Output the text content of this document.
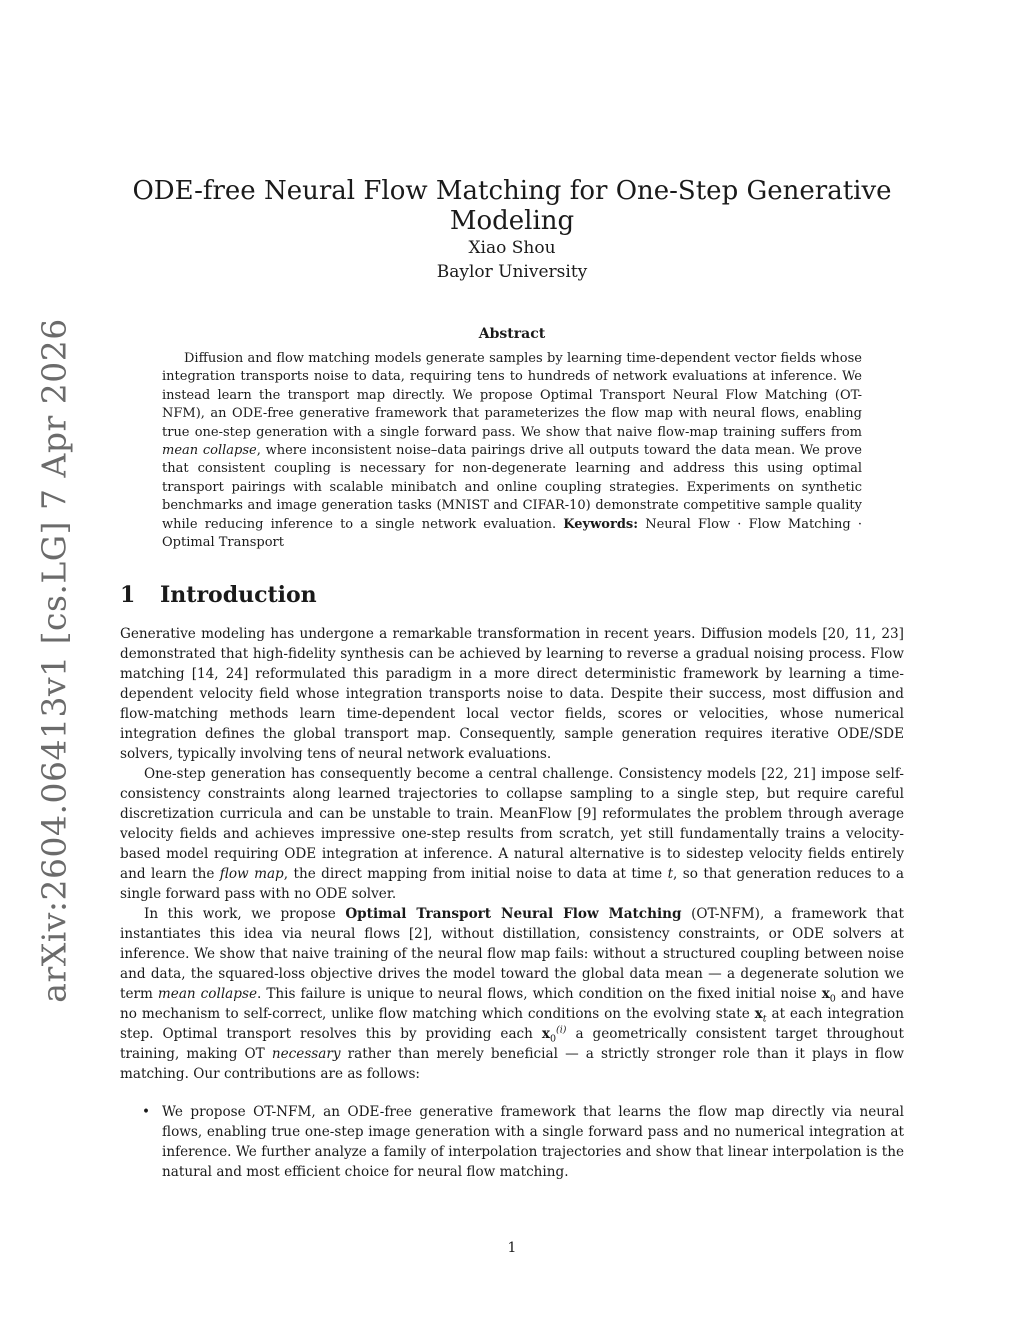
arXiv:2604.06413v1 [cs.LG] 7 Apr 2026
ODE-free Neural Flow Matching for One-Step Generative Modeling
Xiao Shou
Baylor University
Abstract

Diffusion and flow matching models generate samples by learning time-dependent vector fields whose integration transports noise to data, requiring tens to hundreds of network evaluations at inference. We instead learn the transport map directly. We propose Optimal Transport Neural Flow Matching (OT-NFM), an ODE-free generative framework that parameterizes the flow map with neural flows, enabling true one-step generation with a single forward pass. We show that naive flow-map training suffers from mean collapse, where inconsistent noise–data pairings drive all outputs toward the data mean. We prove that consistent coupling is necessary for non-degenerate learning and address this using optimal transport pairings with scalable minibatch and online coupling strategies. Experiments on synthetic benchmarks and image generation tasks (MNIST and CIFAR-10) demonstrate competitive sample quality while reducing inference to a single network evaluation. Keywords: Neural Flow · Flow Matching · Optimal Transport

1 Introduction

Generative modeling has undergone a remarkable transformation in recent years. Diffusion models [20, 11, 23] demonstrated that high-fidelity synthesis can be achieved by learning to reverse a gradual noising process. Flow matching [14, 24] reformulated this paradigm in a more direct deterministic framework by learning a time-dependent velocity field whose integration transports noise to data. Despite their success, most diffusion and flow-matching methods learn time-dependent local vector fields, scores or velocities, whose numerical integration defines the global transport map. Consequently, sample generation requires iterative ODE/SDE solvers, typically involving tens of neural network evaluations.

One-step generation has consequently become a central challenge. Consistency models [22, 21] impose self-consistency constraints along learned trajectories to collapse sampling to a single step, but require careful discretization curricula and can be unstable to train. MeanFlow [9] reformulates the problem through average velocity fields and achieves impressive one-step results from scratch, yet still fundamentally trains a velocity-based model requiring ODE integration at inference. A natural alternative is to sidestep velocity fields entirely and learn the flow map, the direct mapping from initial noise to data at time t, so that generation reduces to a single forward pass with no ODE solver.

In this work, we propose Optimal Transport Neural Flow Matching (OT-NFM), a framework that instantiates this idea via neural flows [2], without distillation, consistency constraints, or ODE solvers at inference. We show that naive training of the neural flow map fails: without a structured coupling between noise and data, the squared-loss objective drives the model toward the global data mean — a degenerate solution we term mean collapse. This failure is unique to neural flows, which condition on the fixed initial noise $x_0$ and have no mechanism to self-correct, unlike flow matching which conditions on the evolving state $x_t$ at each integration step. Optimal transport resolves this by providing each $x_0^{(i)}$ a geometrically consistent target throughout training, making OT necessary rather than merely beneficial — a strictly stronger role than it plays in flow matching. Our contributions are as follows:

• We propose OT-NFM, an ODE-free generative framework that learns the flow map directly via neural flows, enabling true one-step image generation with a single forward pass and no numerical integration at inference. We further analyze a family of interpolation trajectories and show that linear interpolation is the natural and most efficient choice for neural flow matching.
1
